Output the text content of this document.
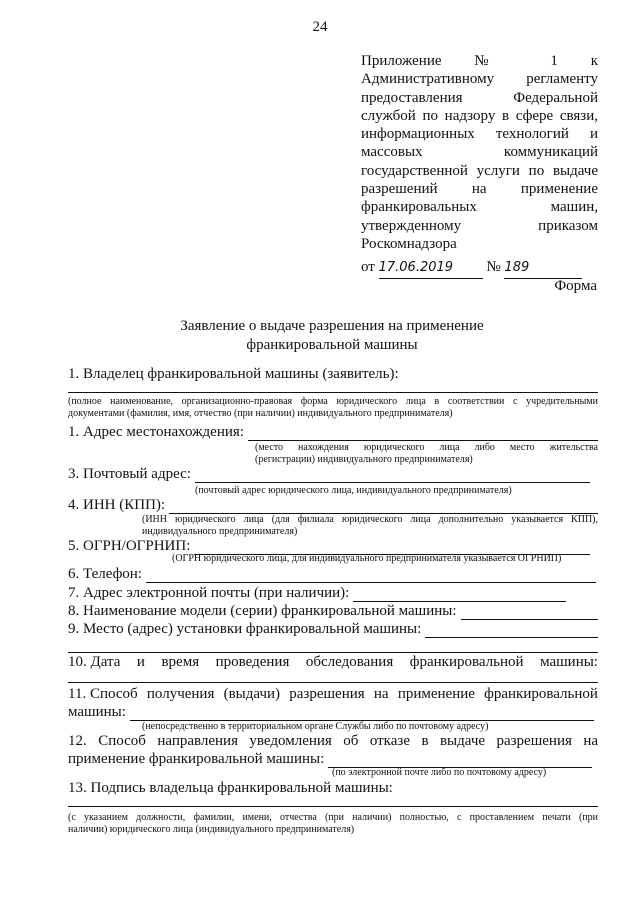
24
Приложение № 1 к
Административному регламенту
предоставления Федеральной
службой по надзору в сфере связи,
информационных технологий и
массовых коммуникаций
государственной услуги по выдаче
разрешений на применение
франкировальных машин,
утвержденному приказом
Роскомнадзора
от 17.06.2019 № 189
Форма
Заявление о выдаче разрешения на применение
франкировальной машины
1. Владелец франкировальной машины (заявитель):
(полное наименование, организационно-правовая форма юридического лица в соответствии с учредительными
документами (фамилия, имя, отчество (при наличии) индивидуального предпринимателя)
1. Адрес местонахождения:
(место нахождения юридического лица либо место жительства
(регистрации) индивидуального предпринимателя)
3. Почтовый адрес:
(почтовый адрес юридического лица, индивидуального предпринимателя)
4. ИНН (КПП):
(ИНН юридического лица (для филиала юридического лица дополнительно указывается КПП),
индивидуального предпринимателя)
5. ОГРН/ОГРНИП:
(ОГРН юридического лица, для индивидуального предпринимателя указывается ОГРНИП)
6. Телефон:
7. Адрес электронной почты (при наличии):
8. Наименование модели (серии) франкировальной машины:
9. Место (адрес) установки франкировальной машины:
10. Дата и время проведения обследования франкировальной машины:
11. Способ получения (выдачи) разрешения на применение франкировальной
машины:
(непосредственно в территориальном органе Службы либо по почтовому адресу)
12. Способ направления уведомления об отказе в выдаче разрешения на
применение франкировальной машины:
(по электронной почте либо по почтовому адресу)
13. Подпись владельца франкировальной машины:
(с указанием должности, фамилии, имени, отчества (при наличии) полностью, с проставлением печати (при
наличии) юридического лица (индивидуального предпринимателя)
